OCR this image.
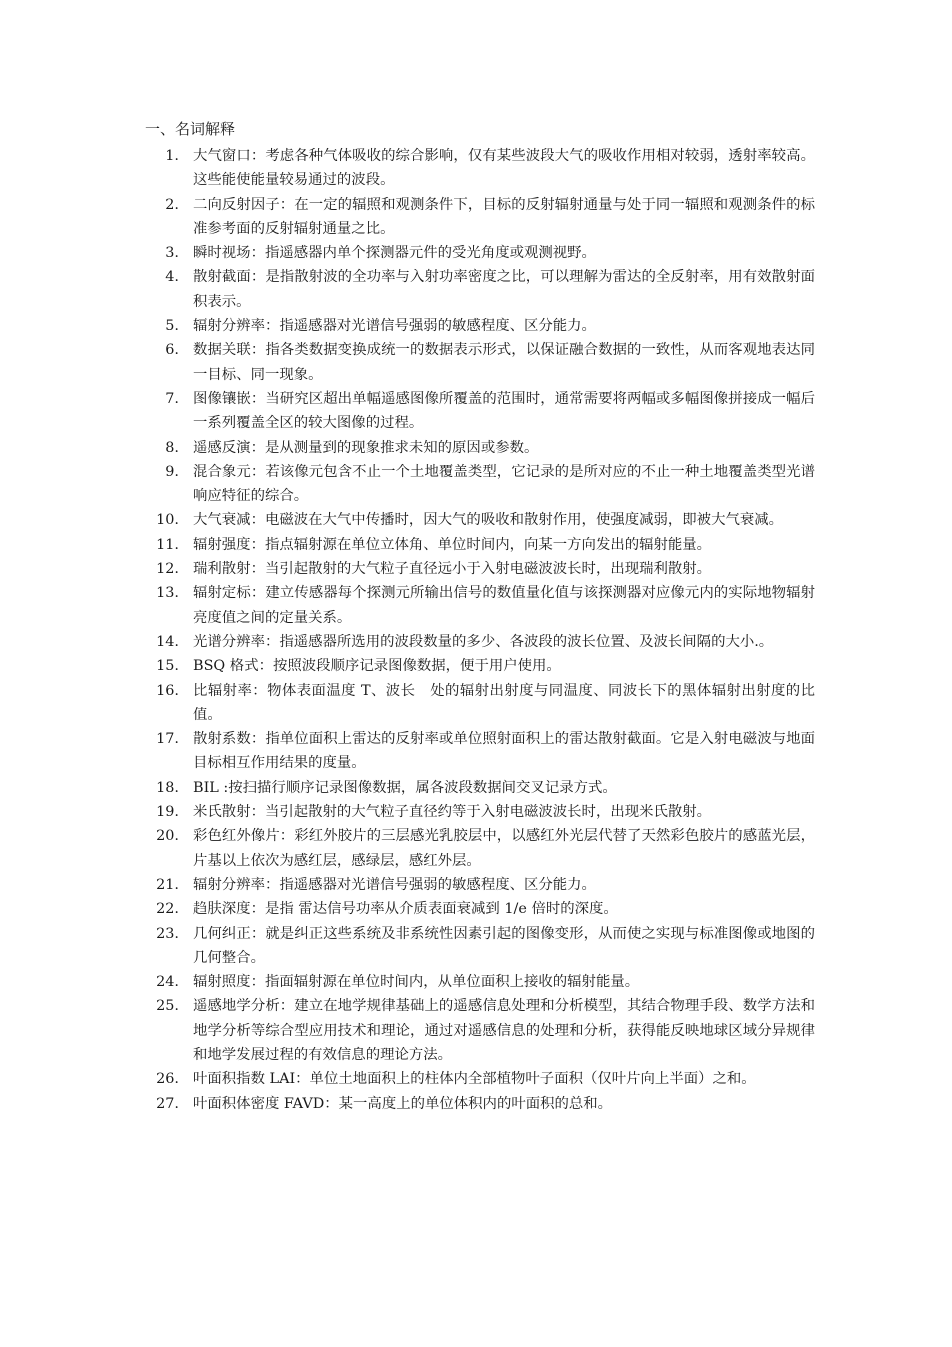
一、名词解释
1. 大气窗口：考虑各种气体吸收的综合影响，仅有某些波段大气的吸收作用相对较弱，透射率较高。这些能使能量较易通过的波段。
2. 二向反射因子：在一定的辐照和观测条件下，目标的反射辐射通量与处于同一辐照和观测条件的标准参考面的反射辐射通量之比。
3. 瞬时视场：指遥感器内单个探测器元件的受光角度或观测视野。
4. 散射截面：是指散射波的全功率与入射功率密度之比，可以理解为雷达的全反射率，用有效散射面积表示。
5. 辐射分辨率：指遥感器对光谱信号强弱的敏感程度、区分能力。
6. 数据关联：指各类数据变换成统一的数据表示形式，以保证融合数据的一致性，从而客观地表达同一目标、同一现象。
7. 图像镶嵌：当研究区超出单幅遥感图像所覆盖的范围时，通常需要将两幅或多幅图像拼接成一幅后一系列覆盖全区的较大图像的过程。
8. 遥感反演：是从测量到的现象推求未知的原因或参数。
9. 混合象元：若该像元包含不止一个土地覆盖类型，它记录的是所对应的不止一种土地覆盖类型光谱响应特征的综合。
10. 大气衰减：电磁波在大气中传播时，因大气的吸收和散射作用，使强度减弱，即被大气衰减。
11. 辐射强度：指点辐射源在单位立体角、单位时间内，向某一方向发出的辐射能量。
12. 瑞利散射：当引起散射的大气粒子直径远小于入射电磁波波长时，出现瑞利散射。
13. 辐射定标：建立传感器每个探测元所输出信号的数值量化值与该探测器对应像元内的实际地物辐射亮度值之间的定量关系。
14. 光谱分辨率：指遥感器所选用的波段数量的多少、各波段的波长位置、及波长间隔的大小.。
15. BSQ 格式：按照波段顺序记录图像数据，便于用户使用。
16. 比辐射率：物体表面温度 T、波长　处的辐射出射度与同温度、同波长下的黑体辐射出射度的比值。
17. 散射系数：指单位面积上雷达的反射率或单位照射面积上的雷达散射截面。它是入射电磁波与地面目标相互作用结果的度量。
18. BIL :按扫描行顺序记录图像数据，属各波段数据间交叉记录方式。
19. 米氏散射：当引起散射的大气粒子直径约等于入射电磁波波长时，出现米氏散射。
20. 彩色红外像片：彩红外胶片的三层感光乳胶层中，以感红外光层代替了天然彩色胶片的感蓝光层，片基以上依次为感红层，感绿层，感红外层。
21. 辐射分辨率：指遥感器对光谱信号强弱的敏感程度、区分能力。
22. 趋肤深度：是指 雷达信号功率从介质表面衰减到 1/e 倍时的深度。
23. 几何纠正：就是纠正这些系统及非系统性因素引起的图像变形，从而使之实现与标准图像或地图的几何整合。
24. 辐射照度：指面辐射源在单位时间内，从单位面积上接收的辐射能量。
25. 遥感地学分析：建立在地学规律基础上的遥感信息处理和分析模型，其结合物理手段、数学方法和地学分析等综合型应用技术和理论，通过对遥感信息的处理和分析，获得能反映地球区域分异规律和地学发展过程的有效信息的理论方法。
26. 叶面积指数 LAI：单位土地面积上的柱体内全部植物叶子面积（仅叶片向上半面）之和。
27. 叶面积体密度 FAVD：某一高度上的单位体积内的叶面积的总和。
